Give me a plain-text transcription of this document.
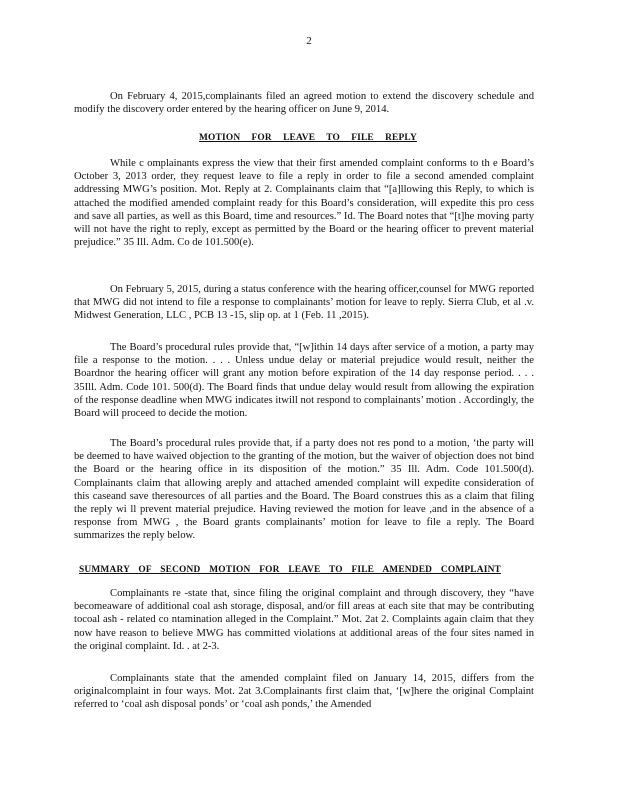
2

On February 4, 2015,complainants filed an agreed motion to extend the discovery schedule and modify the discovery order entered by the hearing officer on June 9, 2014.

MOTION FOR LEAVE TO FILE REPLY

While c omplainants express the view that their first amended complaint conforms to th e Board’s October 3, 2013 order, they request leave to file a reply in order to file a second amended complaint addressing MWG’s position. Mot. Reply at 2. Complainants claim that “[a]llowing this Reply, to which is attached the modified amended complaint ready for this Board’s consideration, will expedite this pro cess and save all parties, as well as this Board, time and resources.” Id. The Board notes that “[t]he moving party will not have the right to reply, except as permitted by the Board or the hearing officer to prevent material prejudice.” 35 Ill. Adm. Co de 101.500(e).

On February 5, 2015, during a status conference with the hearing officer,counsel for MWG reported that MWG did not intend to file a response to complainants’ motion for leave to reply. Sierra Club, et al .v. Midwest Generation, LLC , PCB 13 -15, slip op. at 1 (Feb. 11 ,2015).

The Board’s procedural rules provide that, “[w]ithin 14 days after service of a motion, a party may file a response to the motion. . . . Unless undue delay or material prejudice would result, neither the Boardnor the hearing officer will grant any motion before expiration of the 14 day response period. . . . 35Ill. Adm. Code 101. 500(d). The Board finds that undue delay would result from allowing the expiration of the response deadline when MWG indicates itwill not respond to complainants’ motion . Accordingly, the Board will proceed to decide the motion.

The Board’s procedural rules provide that, if a party does not res pond to a motion, ‘the party will be deemed to have waived objection to the granting of the motion, but the waiver of objection does not bind the Board or the hearing office in its disposition of the motion.” 35 Ill. Adm. Code 101.500(d). Complainants claim that allowing areply and attached amended complaint will expedite consideration of this caseand save theresources of all parties and the Board. The Board construes this as a claim that filing the reply wi ll prevent material prejudice. Having reviewed the motion for leave ,and in the absence of a response from MWG , the Board grants complainants’ motion for leave to file a reply. The Board summarizes the reply below.

SUMMARY OF SECOND MOTION FOR LEAVE TO FILE AMENDED COMPLAINT

Complainants re -state that, since filing the original complaint and through discovery, they “have becomeaware of additional coal ash storage, disposal, and/or fill areas at each site that may be contributing tocoal ash - related co ntamination alleged in the Complaint.” Mot. 2at 2. Complaints again claim that they now have reason to believe MWG has committed violations at additional areas of the four sites named in the original complaint. Id. . at 2-3.

Complainants state that the amended complaint filed on January 14, 2015, differs from the originalcomplaint in four ways. Mot. 2at 3.Complainants first claim that, ‘[w]here the original Complaint referred to ‘coal ash disposal ponds’ or ‘coal ash ponds,’ the Amended
